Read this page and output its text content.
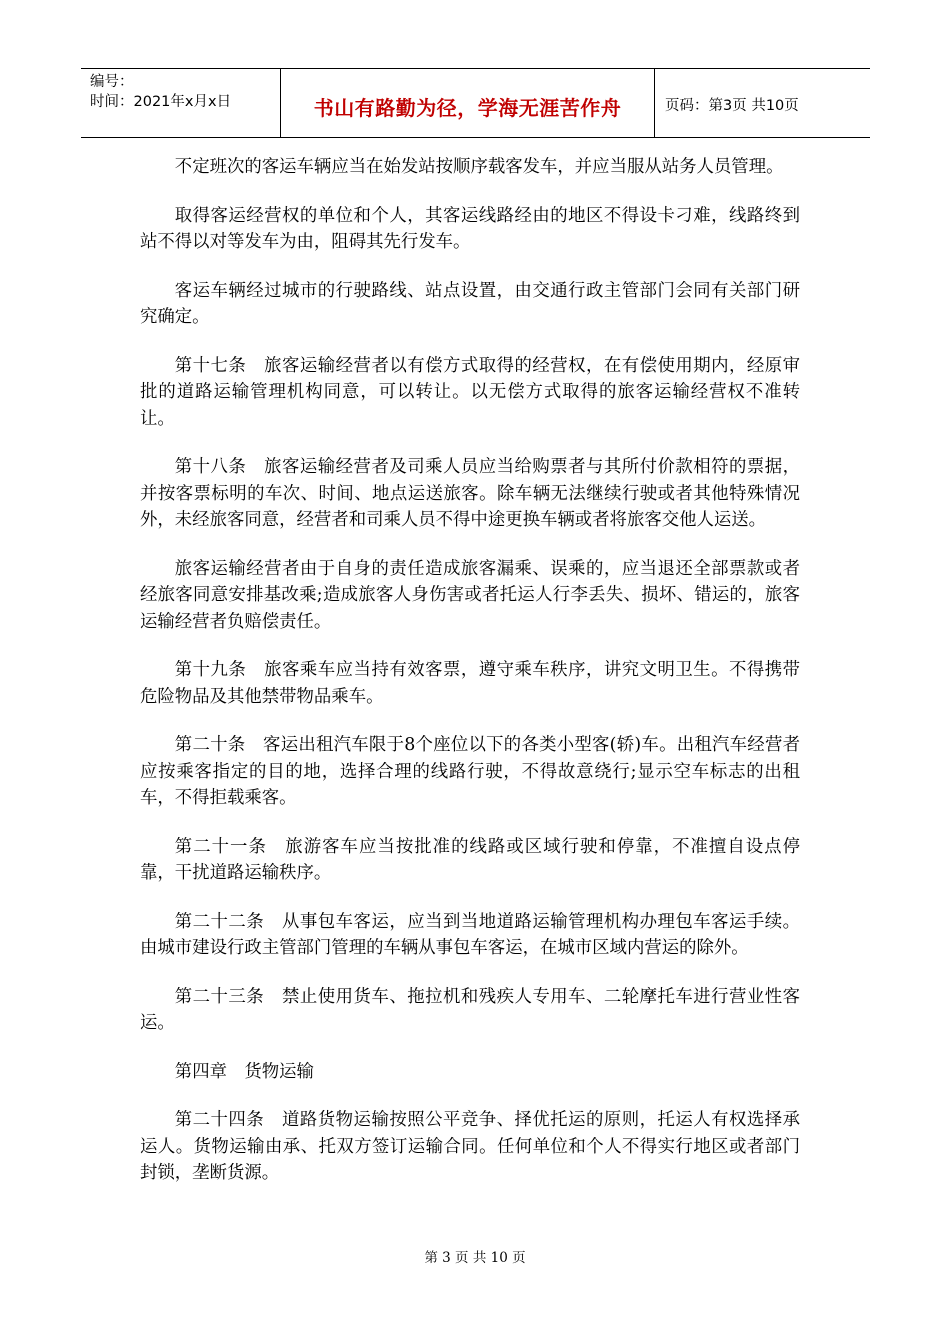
编号：
时间：2021年x月x日	书山有路勤为径，学海无涯苦作舟	页码：第3页 共10页

不定班次的客运车辆应当在始发站按顺序载客发车，并应当服从站务人员管理。

取得客运经营权的单位和个人，其客运线路经由的地区不得设卡刁难，线路终到站不得以对等发车为由，阻碍其先行发车。

客运车辆经过城市的行驶路线、站点设置，由交通行政主管部门会同有关部门研究确定。

第十七条　旅客运输经营者以有偿方式取得的经营权，在有偿使用期内，经原审批的道路运输管理机构同意，可以转让。以无偿方式取得的旅客运输经营权不准转让。

第十八条　旅客运输经营者及司乘人员应当给购票者与其所付价款相符的票据，并按客票标明的车次、时间、地点运送旅客。除车辆无法继续行驶或者其他特殊情况外，未经旅客同意，经营者和司乘人员不得中途更换车辆或者将旅客交他人运送。

旅客运输经营者由于自身的责任造成旅客漏乘、误乘的，应当退还全部票款或者经旅客同意安排基改乘;造成旅客人身伤害或者托运人行李丢失、损坏、错运的，旅客运输经营者负赔偿责任。

第十九条　旅客乘车应当持有效客票，遵守乘车秩序，讲究文明卫生。不得携带危险物品及其他禁带物品乘车。

第二十条　客运出租汽车限于8个座位以下的各类小型客(轿)车。出租汽车经营者应按乘客指定的目的地，选择合理的线路行驶，不得故意绕行;显示空车标志的出租车，不得拒载乘客。

第二十一条　旅游客车应当按批准的线路或区域行驶和停靠，不准擅自设点停靠，干扰道路运输秩序。

第二十二条　从事包车客运，应当到当地道路运输管理机构办理包车客运手续。由城市建设行政主管部门管理的车辆从事包车客运，在城市区域内营运的除外。

第二十三条　禁止使用货车、拖拉机和残疾人专用车、二轮摩托车进行营业性客运。

第四章　货物运输

第二十四条　道路货物运输按照公平竞争、择优托运的原则，托运人有权选择承运人。货物运输由承、托双方签订运输合同。任何单位和个人不得实行地区或者部门封锁，垄断货源。

第 3 页 共 10 页
